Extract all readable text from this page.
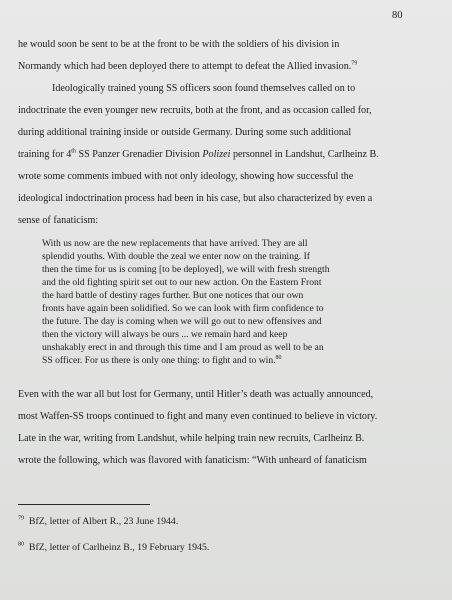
80
he would soon be sent to be at the front to be with the soldiers of his division in
Normandy which had been deployed there to attempt to defeat the Allied invasion.$^{79}$
Ideologically trained young SS officers soon found themselves called on to
indoctrinate the even younger new recruits, both at the front, and as occasion called for,
during additional training inside or outside Germany. During some such additional
training for 4th SS Panzer Grenadier Division Polizei personnel in Landshut, Carlheinz B.
wrote some comments imbued with not only ideology, showing how successful the
ideological indoctrination process had been in his case, but also characterized by even a
sense of fanaticism:
With us now are the new replacements that have arrived. They are all
splendid youths. With double the zeal we enter now on the training. If
then the time for us is coming [to be deployed], we will with fresh strength
and the old fighting spirit set out to our new action. On the Eastern Front
the hard battle of destiny rages further. But one notices that our own
fronts have again been solidified. So we can look with firm confidence to
the future. The day is coming when we will go out to new offensives and
then the victory will always be ours ... we remain hard and keep
unshakably erect in and through this time and I am proud as well to be an
SS officer. For us there is only one thing: to fight and to win.$^{80}$
Even with the war all but lost for Germany, until Hitler’s death was actually announced,
most Waffen-SS troops continued to fight and many even continued to believe in victory.
Late in the war, writing from Landshut, while helping train new recruits, Carlheinz B.
wrote the following, which was flavored with fanaticism: “With unheard of fanaticism
$^{79}$ BfZ, letter of Albert R., 23 June 1944.
$^{80}$ BfZ, letter of Carlheinz B., 19 February 1945.
